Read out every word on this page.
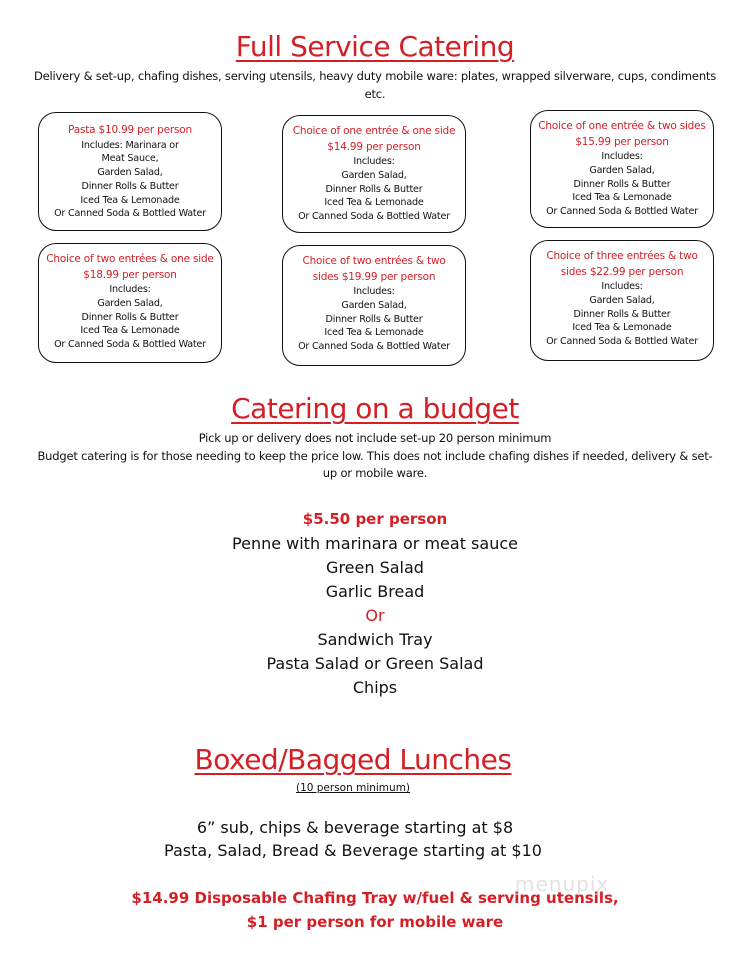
Full Service Catering
Delivery & set-up, chafing dishes, serving utensils, heavy duty mobile ware: plates, wrapped silverware, cups, condiments
etc.
Pasta $10.99 per person
Includes: Marinara or
Meat Sauce,
Garden Salad,
Dinner Rolls & Butter
Iced Tea & Lemonade
Or Canned Soda & Bottled Water
Choice of one entrée & one side $14.99 per person
Includes:
Garden Salad,
Dinner Rolls & Butter
Iced Tea & Lemonade
Or Canned Soda & Bottled Water
Choice of one entrée & two sides $15.99 per person
Includes:
Garden Salad,
Dinner Rolls & Butter
Iced Tea & Lemonade
Or Canned Soda & Bottled Water
Choice of two entrées & one side $18.99 per person
Includes:
Garden Salad,
Dinner Rolls & Butter
Iced Tea & Lemonade
Or Canned Soda & Bottled Water
Choice of two entrées & two sides $19.99 per person
Includes:
Garden Salad,
Dinner Rolls & Butter
Iced Tea & Lemonade
Or Canned Soda & Bottled Water
Choice of three entrées & two sides $22.99 per person
Includes:
Garden Salad,
Dinner Rolls & Butter
Iced Tea & Lemonade
Or Canned Soda & Bottled Water
Catering on a budget
Pick up or delivery does not include set-up 20 person minimum
Budget catering is for those needing to keep the price low. This does not include chafing dishes if needed, delivery & set-
up or mobile ware.
$5.50 per person
Penne with marinara or meat sauce
Green Salad
Garlic Bread
Or
Sandwich Tray
Pasta Salad or Green Salad
Chips
Boxed/Bagged Lunches
(10 person minimum)
6” sub, chips & beverage starting at $8
Pasta, Salad, Bread & Beverage starting at $10
menupix
$14.99 Disposable Chafing Tray w/fuel & serving utensils,
$1 per person for mobile ware
